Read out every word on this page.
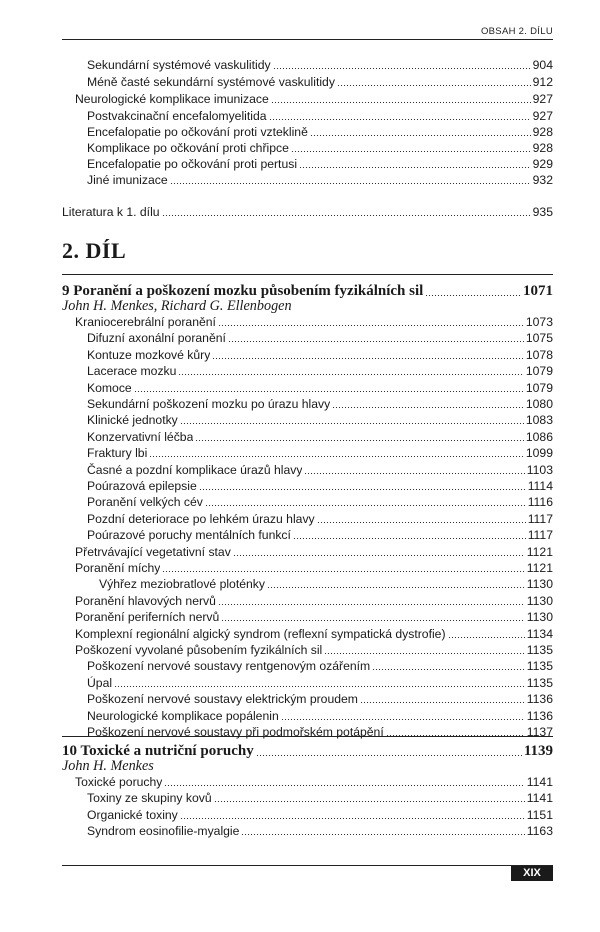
OBSAH 2. DÍLU
Sekundární systémové vaskulitidy	904
Méně časté sekundární systémové vaskulitidy	912
Neurologické komplikace imunizace	927
Postvakcinační encefalomyelitida	927
Encefalopatie po očkování proti vzteklině	928
Komplikace po očkování proti chřipce	928
Encefalopatie po očkování proti pertusi	929
Jiné imunizace	932
Literatura k 1. dílu	935
2. DÍL
9 Poranění a poškození mozku působením fyzikálních sil	1071
John H. Menkes, Richard G. Ellenbogen
Kraniocerebrální poranění	1073
Difuzní axonální poranění	1075
Kontuze mozkové kůry	1078
Lacerace mozku	1079
Komoce	1079
Sekundární poškození mozku po úrazu hlavy	1080
Klinické jednotky	1083
Konzervativní léčba	1086
Fraktury lbi	1099
Časné a pozdní komplikace úrazů hlavy	1103
Poúrazová epilepsie	1114
Poranění velkých cév	1116
Pozdní deteriorace po lehkém úrazu hlavy	1117
Poúrazové poruchy mentálních funkcí	1117
Přetrvávající vegetativní stav	1121
Poranění míchy	1121
Výhřez meziobratlové ploténky	1130
Poranění hlavových nervů	1130
Poranění periferních nervů	1130
Komplexní regionální algický syndrom (reflexní sympatická dystrofie)	1134
Poškození vyvolané působením fyzikálních sil	1135
Poškození nervové soustavy rentgenovým ozářením	1135
Úpal	1135
Poškození nervové soustavy elektrickým proudem	1136
Neurologické komplikace popálenin	1136
Poškození nervové soustavy při podmořském potápění	1137
10 Toxické a nutriční poruchy	1139
John H. Menkes
Toxické poruchy	1141
Toxiny ze skupiny kovů	1141
Organické toxiny	1151
Syndrom eosinofilie-myalgie	1163
XIX
